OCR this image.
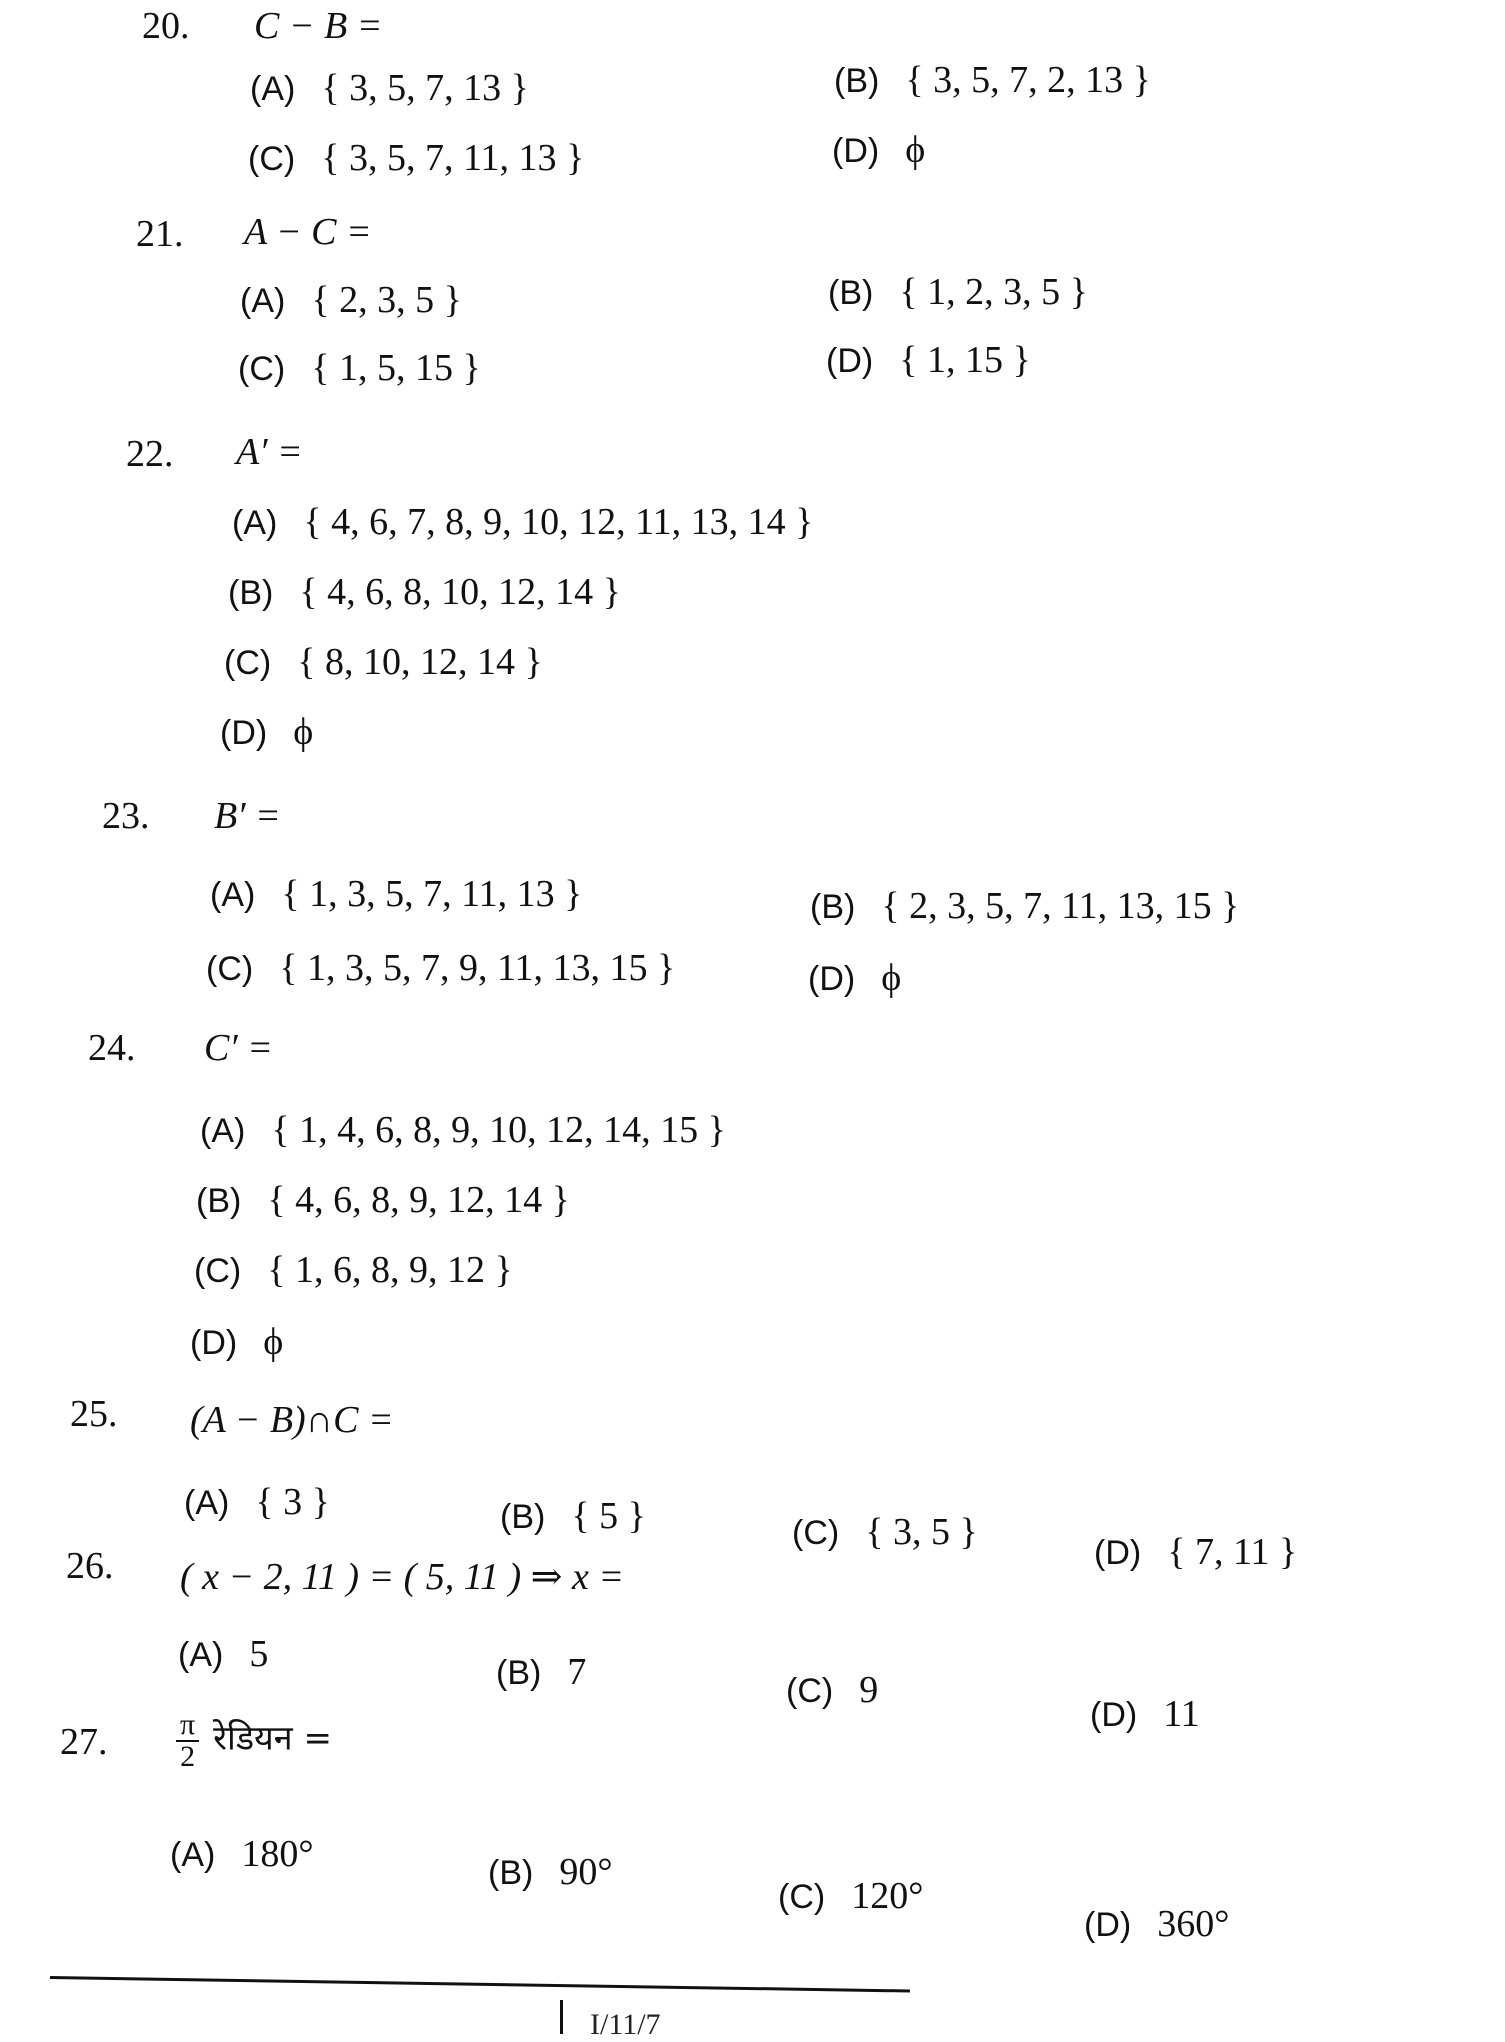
20. C − B =
(A) { 3, 5, 7, 13 }	(B) { 3, 5, 7, 2, 13 }
(C) { 3, 5, 7, 11, 13 }	(D) ϕ
21. A − C =
(A) { 2, 3, 5 }	(B) { 1, 2, 3, 5 }
(C) { 1, 5, 15 }	(D) { 1, 15 }
22. A′ =
(A) { 4, 6, 7, 8, 9, 10, 12, 11, 13, 14 }
(B) { 4, 6, 8, 10, 12, 14 }
(C) { 8, 10, 12, 14 }
(D) ϕ
23. B′ =
(A) { 1, 3, 5, 7, 11, 13 }	(B) { 2, 3, 5, 7, 11, 13, 15 }
(C) { 1, 3, 5, 7, 9, 11, 13, 15 }	(D) ϕ
24. C′ =
(A) { 1, 4, 6, 8, 9, 10, 12, 14, 15 }
(B) { 4, 6, 8, 9, 12, 14 }
(C) { 1, 6, 8, 9, 12 }
(D) ϕ
25. (A − B)∩C =
(A) { 3 }	(B) { 5 }	(C) { 3, 5 }	(D) { 7, 11 }
26. ( x − 2, 11 ) = ( 5, 11 ) ⇒ x =
(A) 5	(B) 7	(C) 9
(D) 11
27. $\frac{\pi}{2}$ रेडियन =
(A) 180°	(B) 90°
(C) 120°
(D) 360°
I/11/7
